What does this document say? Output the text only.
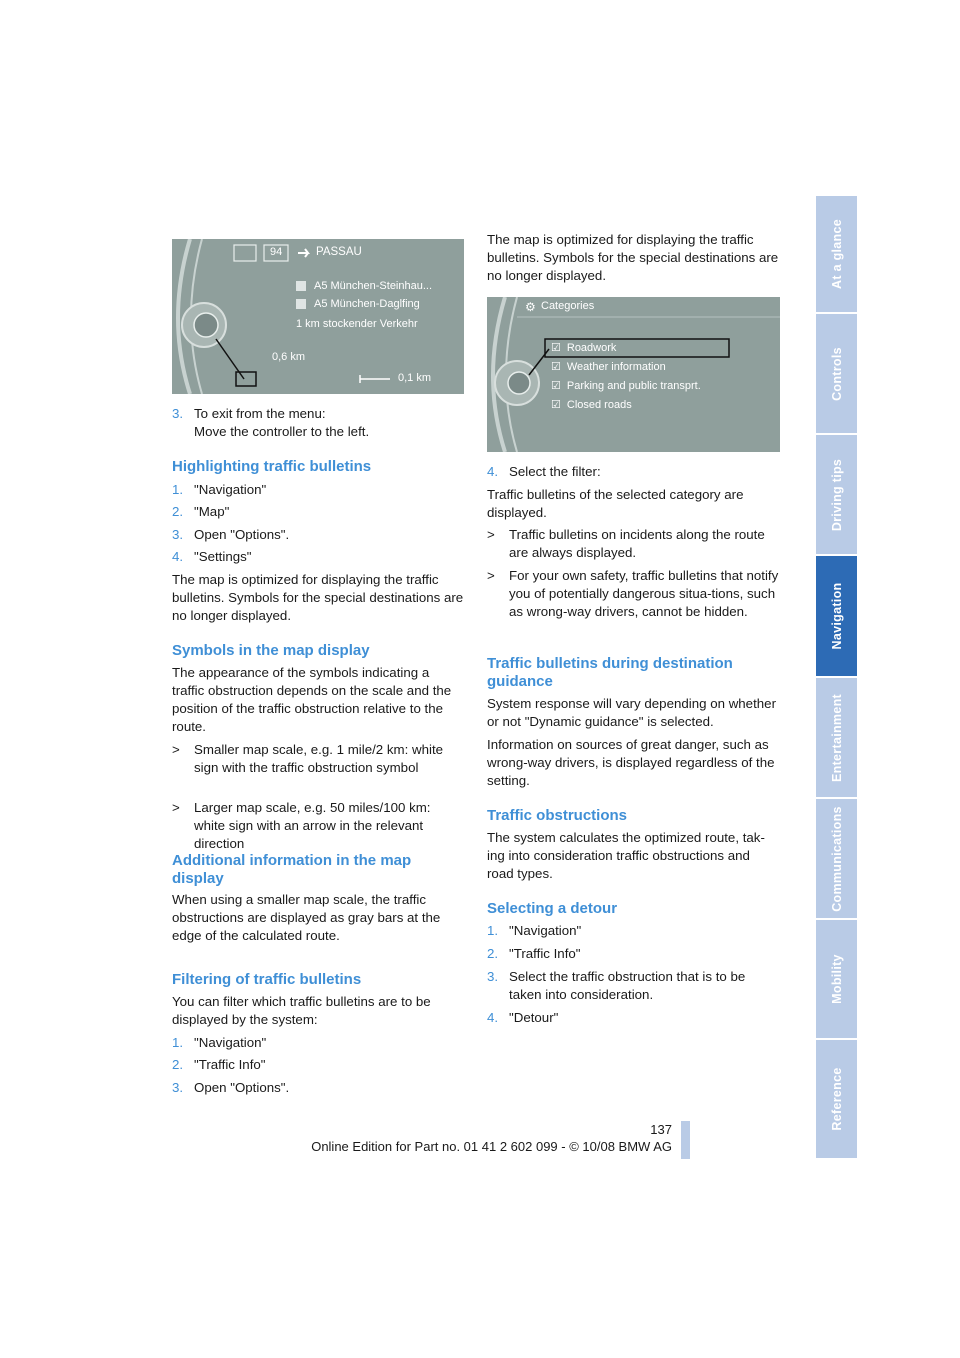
94	PASSAU
A5 München-Steinhau...
A5 München-Daglfing
1 km stockender Verkehr
0,6 km
0,1 km
3. To exit from the menu:
Move the controller to the left.
Highlighting traffic bulletins
1. "Navigation"
2. "Map"
3. Open "Options".
4. "Settings"

The map is optimized for displaying the traffic bulletins. Symbols for the special destinations are no longer displayed.

Symbols in the map display

The appearance of the symbols indicating a traffic obstruction depends on the scale and the position of the traffic obstruction relative to the route.

> Smaller map scale, e.g. 1 mile/2 km: white sign with the traffic obstruction symbol
> Larger map scale, e.g. 50 miles/100 km: white sign with an arrow in the relevant direction
Additional information in the map display

When using a smaller map scale, the traffic obstructions are displayed as gray bars at the edge of the calculated route.

Filtering of traffic bulletins

You can filter which traffic bulletins are to be displayed by the system:

1. "Navigation"
2. "Traffic Info"
3. Open "Options".

The map is optimized for displaying the traffic bulletins. Symbols for the special destinations are no longer displayed.

⚙ Categories
☑ Roadwork
☑ Weather information
☑ Parking and public transprt.
☑ Closed roads
4. Select the filter:

Traffic bulletins of the selected category are displayed.

> Traffic bulletins on incidents along the route are always displayed.
> For your own safety, traffic bulletins that notify you of potentially dangerous situa-tions, such as wrong-way drivers, cannot be hidden.
Traffic bulletins during destination guidance

System response will vary depending on whether or not "Dynamic guidance" is selected.

Information on sources of great danger, such as wrong-way drivers, is displayed regardless of the setting.

Traffic obstructions

The system calculates the optimized route, tak-ing into consideration traffic obstructions and road types.

Selecting a detour
1. "Navigation"
2. "Traffic Info"
3. Select the traffic obstruction that is to be taken into consideration.
4. "Detour"
At a glance
Controls
Driving tips
Navigation
Entertainment
Communications
Mobility
Reference
137
Online Edition for Part no. 01 41 2 602 099 - © 10/08 BMW AG
